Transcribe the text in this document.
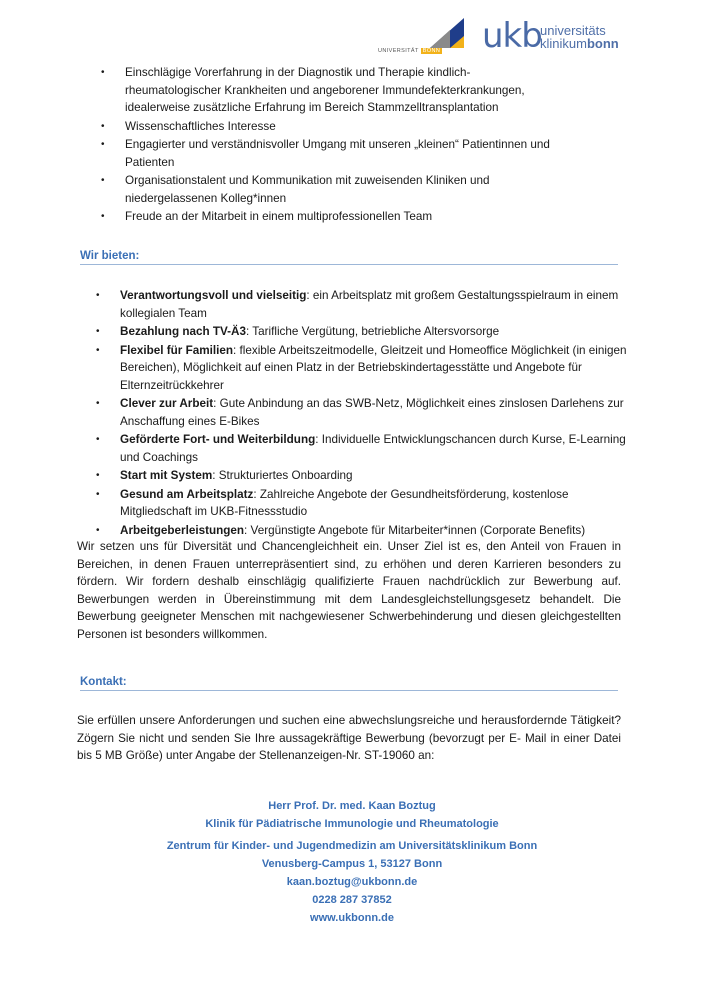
UNIVERSITÄT BONN ukb
universitäts
klinikumbonn
• Einschlägige Vorerfahrung in der Diagnostik und Therapie kindlich-rheumatologischer Krankheiten und angeborener Immundefekterkrankungen, idealerweise zusätzliche Erfahrung im Bereich Stammzelltransplantation
• Wissenschaftliches Interesse
• Engagierter und verständnisvoller Umgang mit unseren „kleinen“ Patientinnen und Patienten
• Organisationstalent und Kommunikation mit zuweisenden Kliniken und niedergelassenen Kolleg*innen
• Freude an der Mitarbeit in einem multiprofessionellen Team
Wir bieten:
• Verantwortungsvoll und vielseitig: ein Arbeitsplatz mit großem Gestaltungsspielraum in einem kollegialen Team
• Bezahlung nach TV-Ä3: Tarifliche Vergütung, betriebliche Altersvorsorge
• Flexibel für Familien: flexible Arbeitszeitmodelle, Gleitzeit und Homeoffice Möglichkeit (in einigen Bereichen), Möglichkeit auf einen Platz in der Betriebskindertagesstätte und Angebote für Elternzeitrückkehrer
• Clever zur Arbeit: Gute Anbindung an das SWB-Netz, Möglichkeit eines zinslosen Darlehens zur Anschaffung eines E-Bikes
• Geförderte Fort- und Weiterbildung: Individuelle Entwicklungschancen durch Kurse, E-Learning und Coachings
• Start mit System: Strukturiertes Onboarding
• Gesund am Arbeitsplatz: Zahlreiche Angebote der Gesundheitsförderung, kostenlose Mitgliedschaft im UKB-Fitnessstudio
• Arbeitgeberleistungen: Vergünstigte Angebote für Mitarbeiter*innen (Corporate Benefits)

Wir setzen uns für Diversität und Chancengleichheit ein. Unser Ziel ist es, den Anteil von Frauen in Bereichen, in denen Frauen unterrepräsentiert sind, zu erhöhen und deren Karrieren besonders zu fördern. Wir fordern deshalb einschlägig qualifizierte Frauen nachdrücklich zur Bewerbung auf. Bewerbungen werden in Übereinstimmung mit dem Landesgleichstellungsgesetz behandelt. Die Bewerbung geeigneter Menschen mit nachgewiesener Schwerbehinderung und diesen gleichgestellten Personen ist besonders willkommen.

Kontakt:

Sie erfüllen unsere Anforderungen und suchen eine abwechslungsreiche und herausfordernde Tätigkeit? Zögern Sie nicht und senden Sie Ihre aussagekräftige Bewerbung (bevorzugt per E- Mail in einer Datei bis 5 MB Größe) unter Angabe der Stellenanzeigen-Nr. ST-19060 an:

Herr Prof. Dr. med. Kaan Boztug
Klinik für Pädiatrische Immunologie und Rheumatologie
Zentrum für Kinder- und Jugendmedizin am Universitätsklinikum Bonn
Venusberg-Campus 1, 53127 Bonn
kaan.boztug@ukbonn.de
0228 287 37852
www.ukbonn.de
